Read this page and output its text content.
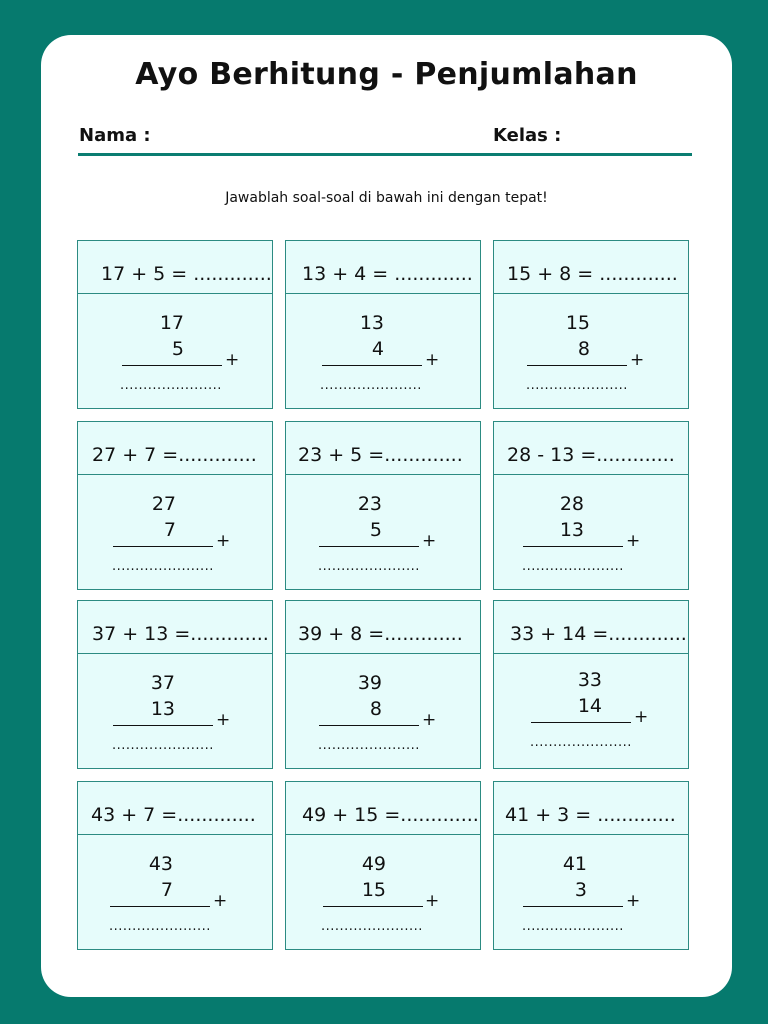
Ayo Berhitung - Penjumlahan
Nama :	Kelas :
Jawablah soal-soal di bawah ini dengan tepat!
17 + 5 = .............
17
5 +
......................
13 + 4 = .............
13
4 +
......................
15 + 8 = .............
15
8 +
......................
27 + 7 =.............
27
7 +
......................
23 + 5 =.............
23
5 +
......................
28 - 13 =.............
28
13 +
......................
37 + 13 =.............
37
13 +
......................
39 + 8 =.............
39
8 +
......................
33 + 14 =.............
33
14 +
......................
43 + 7 =.............
43
7 +
......................
49 + 15 =.............
49
15 +
......................
41 + 3 = .............
41
3 +
......................
